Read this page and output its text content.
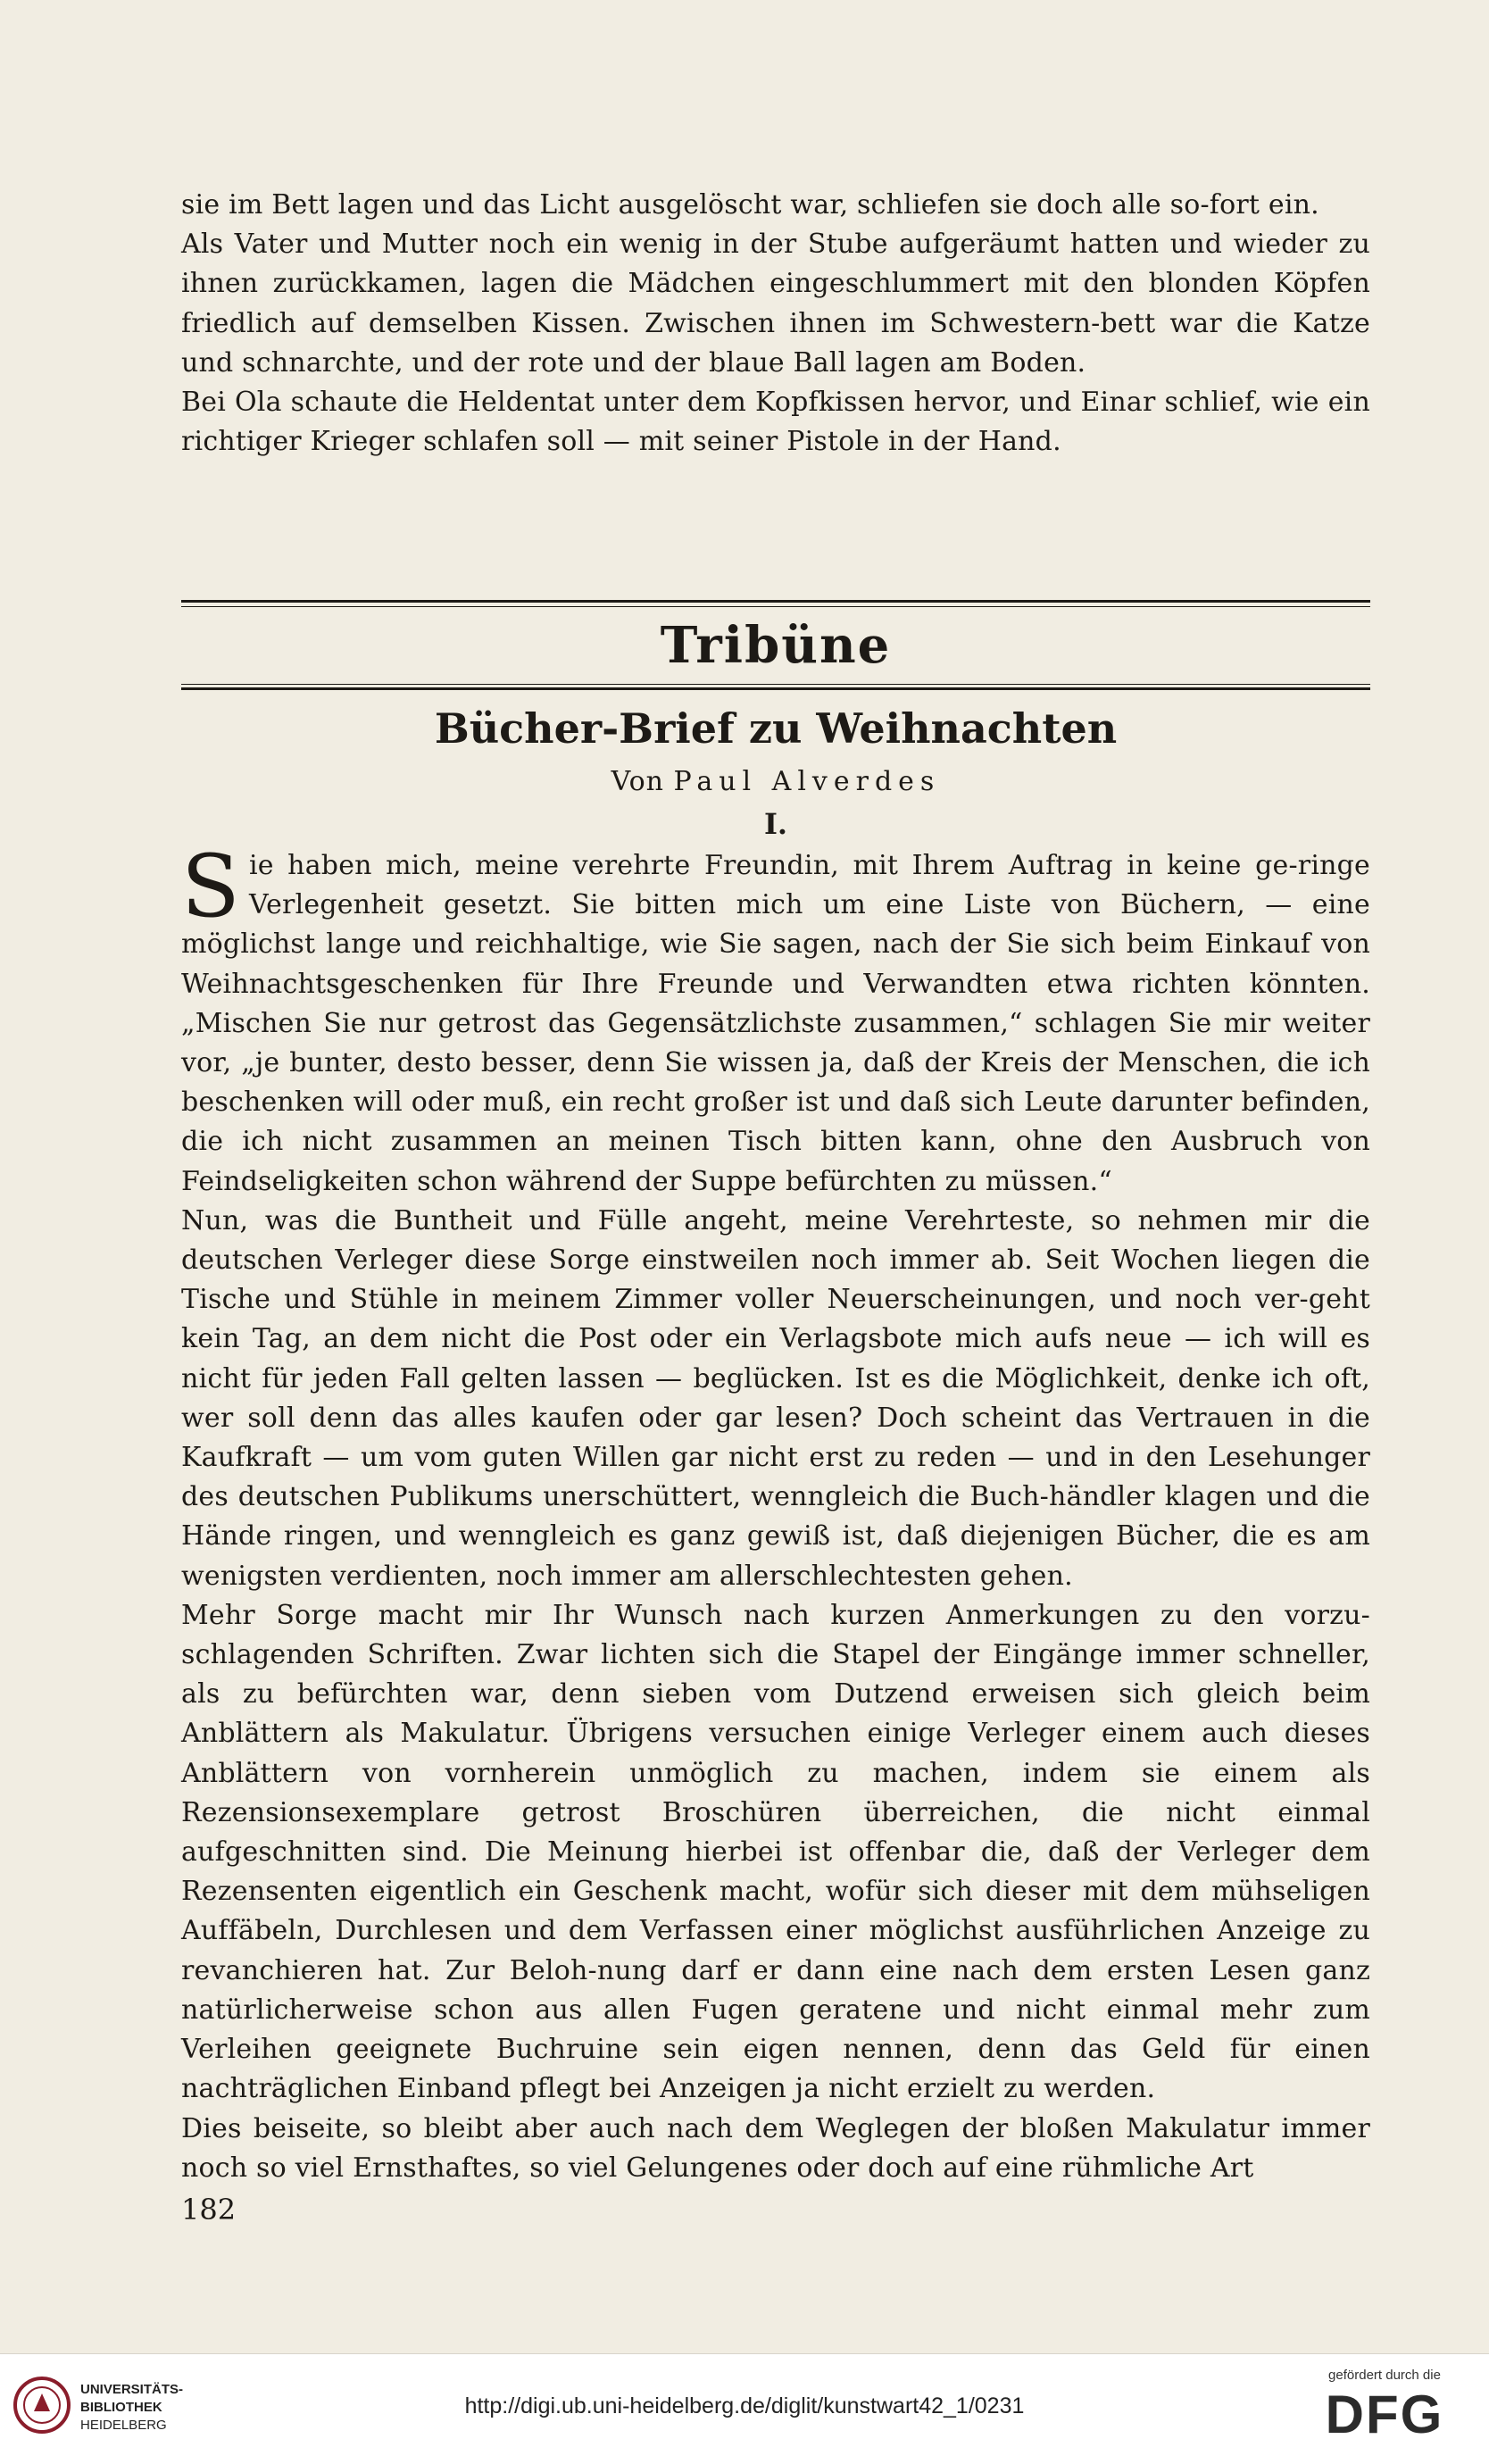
sie im Bett lagen und das Licht ausgelöscht war, schliefen sie doch alle so-fort ein.

Als Vater und Mutter noch ein wenig in der Stube aufgeräumt hatten und wieder zu ihnen zurückkamen, lagen die Mädchen eingeschlummert mit den blonden Köpfen friedlich auf demselben Kissen. Zwischen ihnen im Schwestern-bett war die Katze und schnarchte, und der rote und der blaue Ball lagen am Boden.

Bei Ola schaute die Heldentat unter dem Kopfkissen hervor, und Einar schlief, wie ein richtiger Krieger schlafen soll — mit seiner Pistole in der Hand.

Tribüne
Bücher-Brief zu Weihnachten
Von Paul Alverdes
I.

Sie haben mich, meine verehrte Freundin, mit Ihrem Auftrag in keine ge-ringe Verlegenheit gesetzt. Sie bitten mich um eine Liste von Büchern, — eine möglichst lange und reichhaltige, wie Sie sagen, nach der Sie sich beim Einkauf von Weihnachtsgeschenken für Ihre Freunde und Verwandten etwa richten könnten. „Mischen Sie nur getrost das Gegensätzlichste zusammen,“ schlagen Sie mir weiter vor, „je bunter, desto besser, denn Sie wissen ja, daß der Kreis der Menschen, die ich beschenken will oder muß, ein recht großer ist und daß sich Leute darunter befinden, die ich nicht zusammen an meinen Tisch bitten kann, ohne den Ausbruch von Feindseligkeiten schon während der Suppe befürchten zu müssen.“

Nun, was die Buntheit und Fülle angeht, meine Verehrteste, so nehmen mir die deutschen Verleger diese Sorge einstweilen noch immer ab. Seit Wochen liegen die Tische und Stühle in meinem Zimmer voller Neuerscheinungen, und noch ver-geht kein Tag, an dem nicht die Post oder ein Verlagsbote mich aufs neue — ich will es nicht für jeden Fall gelten lassen — beglücken. Ist es die Möglichkeit, denke ich oft, wer soll denn das alles kaufen oder gar lesen? Doch scheint das Vertrauen in die Kaufkraft — um vom guten Willen gar nicht erst zu reden — und in den Lesehunger des deutschen Publikums unerschüttert, wenngleich die Buch-händler klagen und die Hände ringen, und wenngleich es ganz gewiß ist, daß diejenigen Bücher, die es am wenigsten verdienten, noch immer am allerschlechtesten gehen.

Mehr Sorge macht mir Ihr Wunsch nach kurzen Anmerkungen zu den vorzu-schlagenden Schriften. Zwar lichten sich die Stapel der Eingänge immer schneller, als zu befürchten war, denn sieben vom Dutzend erweisen sich gleich beim Anblättern als Makulatur. Übrigens versuchen einige Verleger einem auch dieses Anblättern von vornherein unmöglich zu machen, indem sie einem als Rezensionsexemplare getrost Broschüren überreichen, die nicht einmal aufgeschnitten sind. Die Meinung hierbei ist offenbar die, daß der Verleger dem Rezensenten eigentlich ein Geschenk macht, wofür sich dieser mit dem mühseligen Auffäbeln, Durchlesen und dem Verfassen einer möglichst ausführlichen Anzeige zu revanchieren hat. Zur Beloh-nung darf er dann eine nach dem ersten Lesen ganz natürlicherweise schon aus allen Fugen geratene und nicht einmal mehr zum Verleihen geeignete Buchruine sein eigen nennen, denn das Geld für einen nachträglichen Einband pflegt bei Anzeigen ja nicht erzielt zu werden.

Dies beiseite, so bleibt aber auch nach dem Weglegen der bloßen Makulatur immer noch so viel Ernsthaftes, so viel Gelungenes oder doch auf eine rühmliche Art

182
UNIVERSITÄTS-
BIBLIOTHEK
HEIDELBERG
http://digi.ub.uni-heidelberg.de/diglit/kunstwart42_1/0231
gefördert durch die
DFG
